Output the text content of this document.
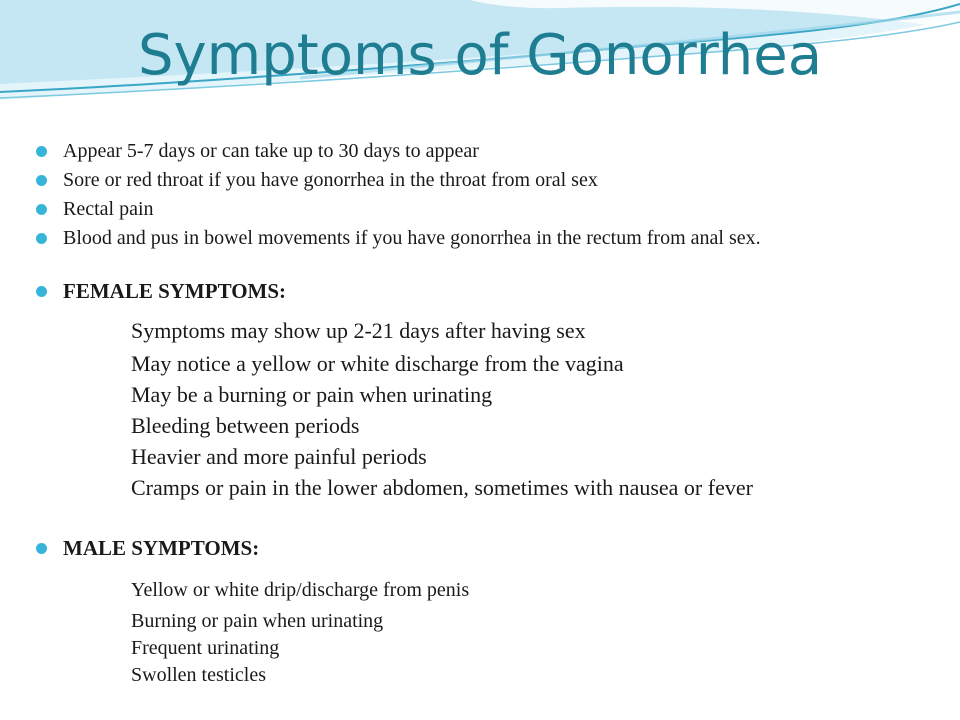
Symptoms of Gonorrhea
Appear 5-7 days or can take up to 30 days to appear
Sore or red throat if you have gonorrhea in the throat from oral sex
Rectal pain
Blood and pus in bowel movements if you have gonorrhea in the rectum from anal sex.
FEMALE SYMPTOMS:
MALE SYMPTOMS:
Symptoms may show up 2-21 days after having sex
May notice a yellow or white discharge from the vagina
May be a burning or pain when urinating
Bleeding between periods
Heavier and more painful periods
Cramps or pain in the lower abdomen, sometimes with nausea or fever
Yellow or white drip/discharge from penis
Burning or pain when urinating
Frequent urinating
Swollen testicles
